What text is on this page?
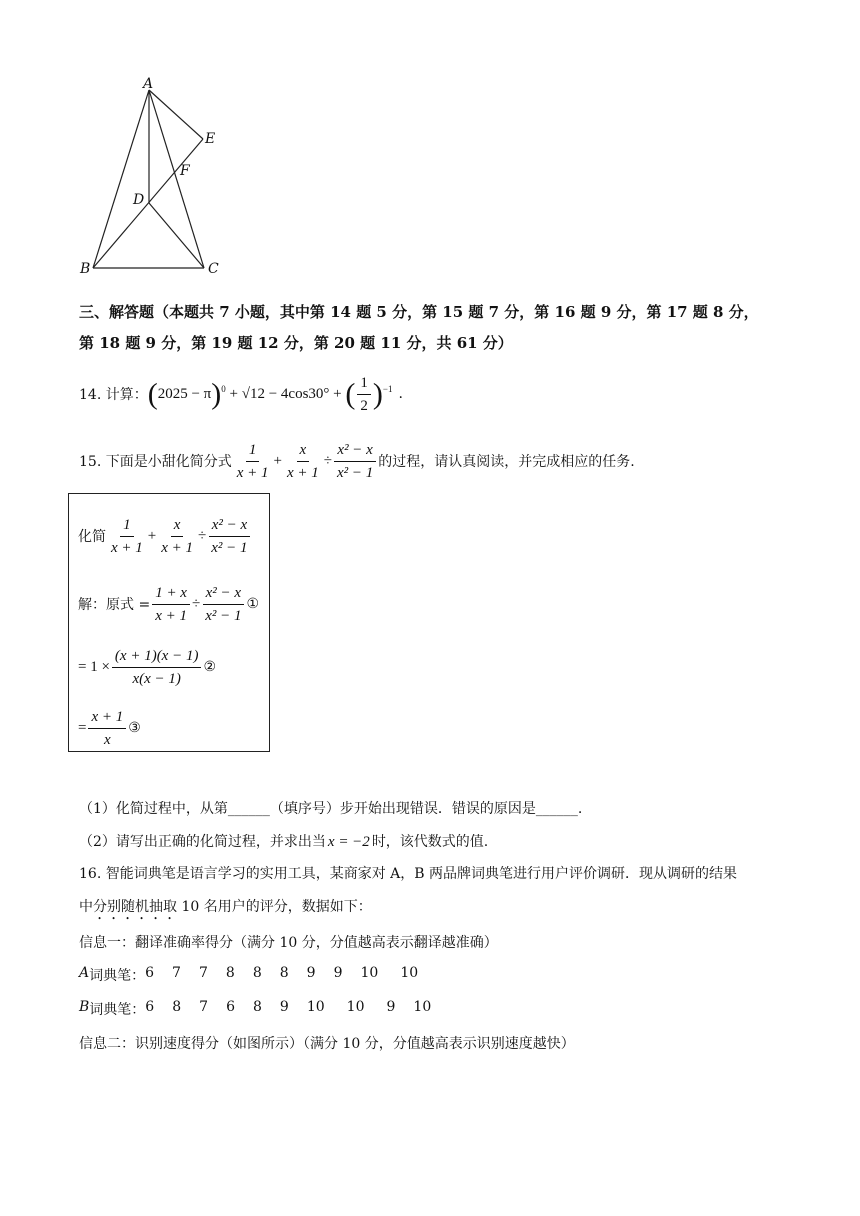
A
E
F
D
B	C
三、解答题（本题共 7 小题，其中第 14 题 5 分，第 15 题 7 分，第 16 题 9 分，第 17 题 8 分，
第 18 题 9 分，第 19 题 12 分，第 20 题 11 分，共 61 分）
14. 计算： $(2025 - \pi)^0 + √12 - 4\cos 30^\circ$ + ( $\frac{1}{2} )^{-1}$ .
15. 下面是小甜化简分式 $\frac{1}{x + 1} + \frac{x}{x + 1} \div \frac{\text{x² − x}}{\text{x² − 1}}$ 的过程，请认真阅读，并完成相应的任务.
化简 $\frac{1}{x + 1} + \frac{x}{x + 1} \div \frac{\text{x² − x}}{\text{x² − 1}}$
解：原式 = $\frac{1 + x}{x + 1} \div \frac{\text{x² − x}}{\text{x² − 1}}$ ①
= $1 \times \frac{(x + 1)(x - 1)}{x(x - 1)}$ ②
= $\frac{x + 1}{x}$ ③
（1）化简过程中，从第______（填序号）步开始出现错误．错误的原因是______.
（2）请写出正确的化简过程，并求出当 x = −2 时，该代数式的值.
16. 智能词典笔是语言学习的实用工具，某商家对 A，B 两品牌词典笔进行用户评价调研．现从调研的结果
中分别随机抽取 10 名用户的评分，数据如下：
信息一：翻译准确率得分（满分 10 分，分值越高表示翻译越准确）
A 词典笔： 6 7 7 8 8 8 9 9 10 10
B 词典笔： 6 8 7 6 8 9 10 10 9 10
信息二：识别速度得分（如图所示）（满分 10 分，分值越高表示识别速度越快）
